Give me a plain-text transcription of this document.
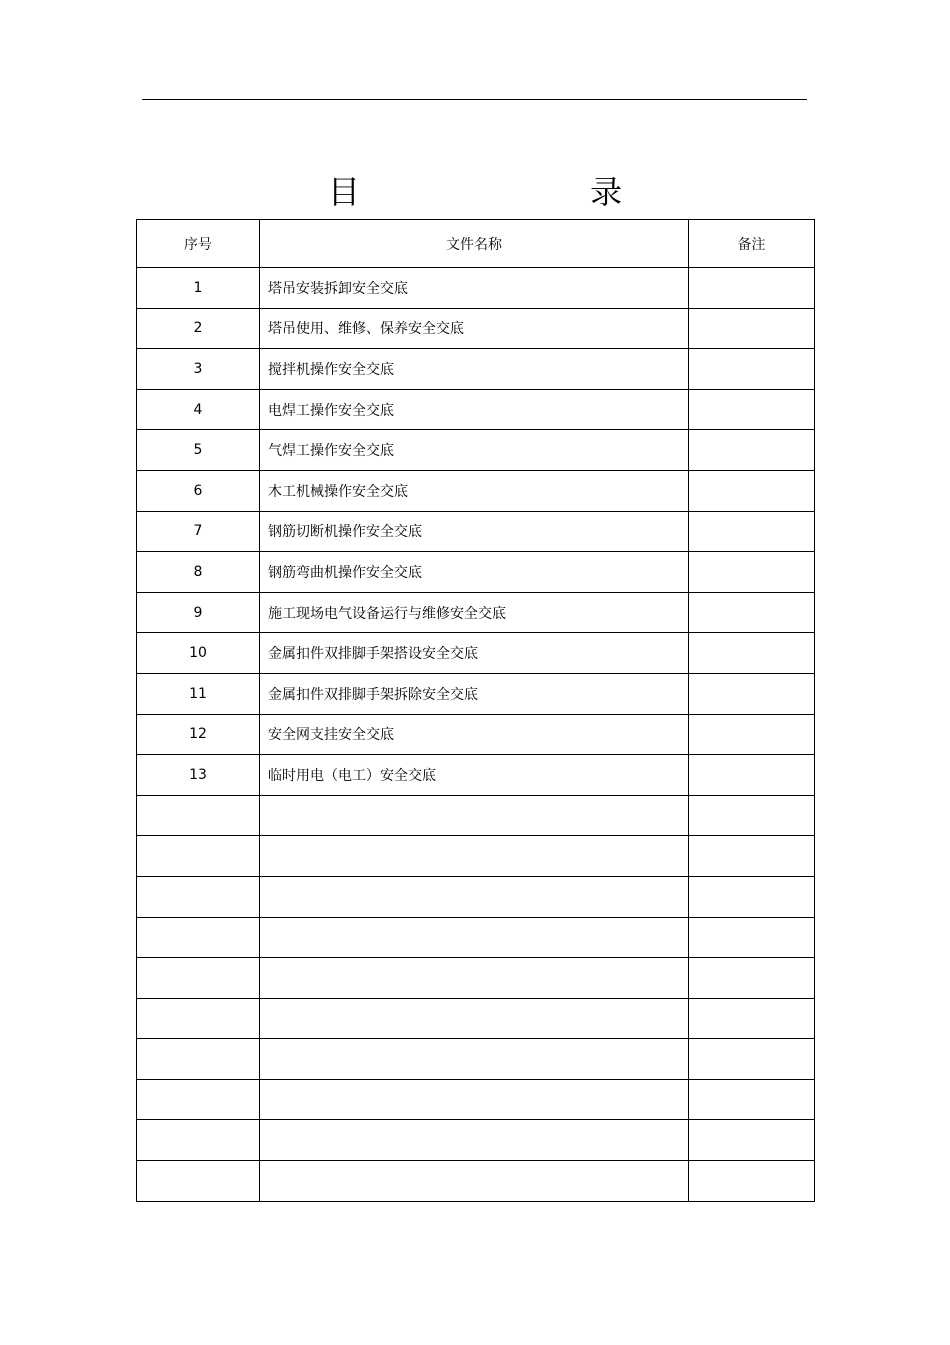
目 录
序号	文件名称	备注
1	塔吊安装拆卸安全交底	
2	塔吊使用、维修、保养安全交底	
3	搅拌机操作安全交底	
4	电焊工操作安全交底	
5	气焊工操作安全交底	
6	木工机械操作安全交底	
7	钢筋切断机操作安全交底	
8	钢筋弯曲机操作安全交底	
9	施工现场电气设备运行与维修安全交底	
10	金属扣件双排脚手架搭设安全交底	
11	金属扣件双排脚手架拆除安全交底	
12	安全网支挂安全交底	
13	临时用电（电工）安全交底	
